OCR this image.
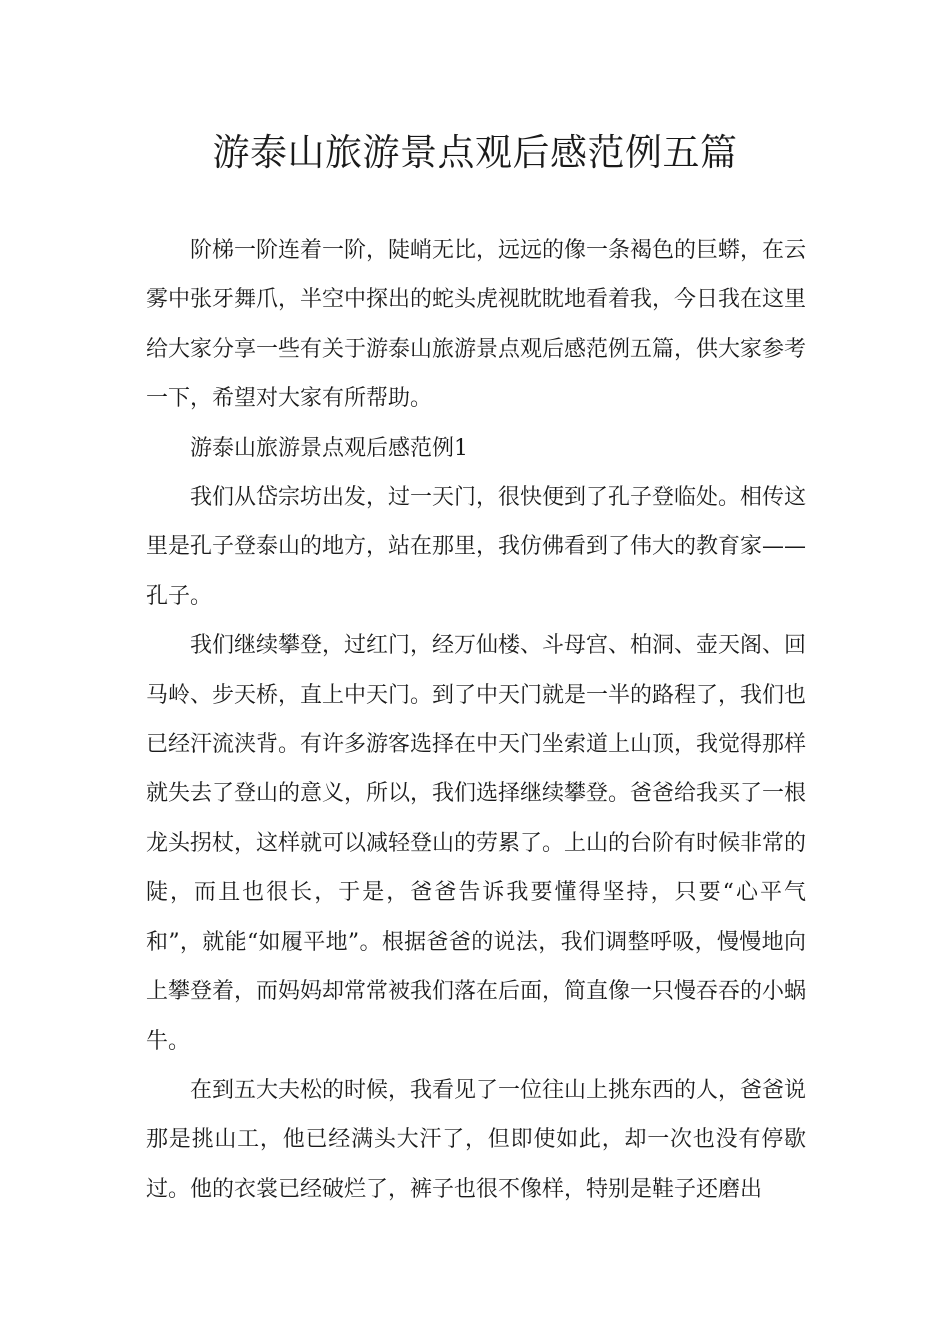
游泰山旅游景点观后感范例五篇

阶梯一阶连着一阶，陡峭无比，远远的像一条褐色的巨蟒，在云雾中张牙舞爪，半空中探出的蛇头虎视眈眈地看着我，今日我在这里给大家分享一些有关于游泰山旅游景点观后感范例五篇，供大家参考一下，希望对大家有所帮助。

游泰山旅游景点观后感范例1

我们从岱宗坊出发，过一天门，很快便到了孔子登临处。相传这里是孔子登泰山的地方，站在那里，我仿佛看到了伟大的教育家——孔子。

我们继续攀登，过红门，经万仙楼、斗母宫、柏洞、壶天阁、回马岭、步天桥，直上中天门。到了中天门就是一半的路程了，我们也已经汗流浃背。有许多游客选择在中天门坐索道上山顶，我觉得那样就失去了登山的意义，所以，我们选择继续攀登。爸爸给我买了一根龙头拐杖，这样就可以减轻登山的劳累了。上山的台阶有时候非常的陡，而且也很长，于是，爸爸告诉我要懂得坚持，只要“心平气和”，就能“如履平地”。根据爸爸的说法，我们调整呼吸，慢慢地向上攀登着，而妈妈却常常被我们落在后面，简直像一只慢吞吞的小蜗牛。

在到五大夫松的时候，我看见了一位往山上挑东西的人，爸爸说那是挑山工，他已经满头大汗了，但即使如此，却一次也没有停歇过。他的衣裳已经破烂了，裤子也很不像样，特别是鞋子还磨出
